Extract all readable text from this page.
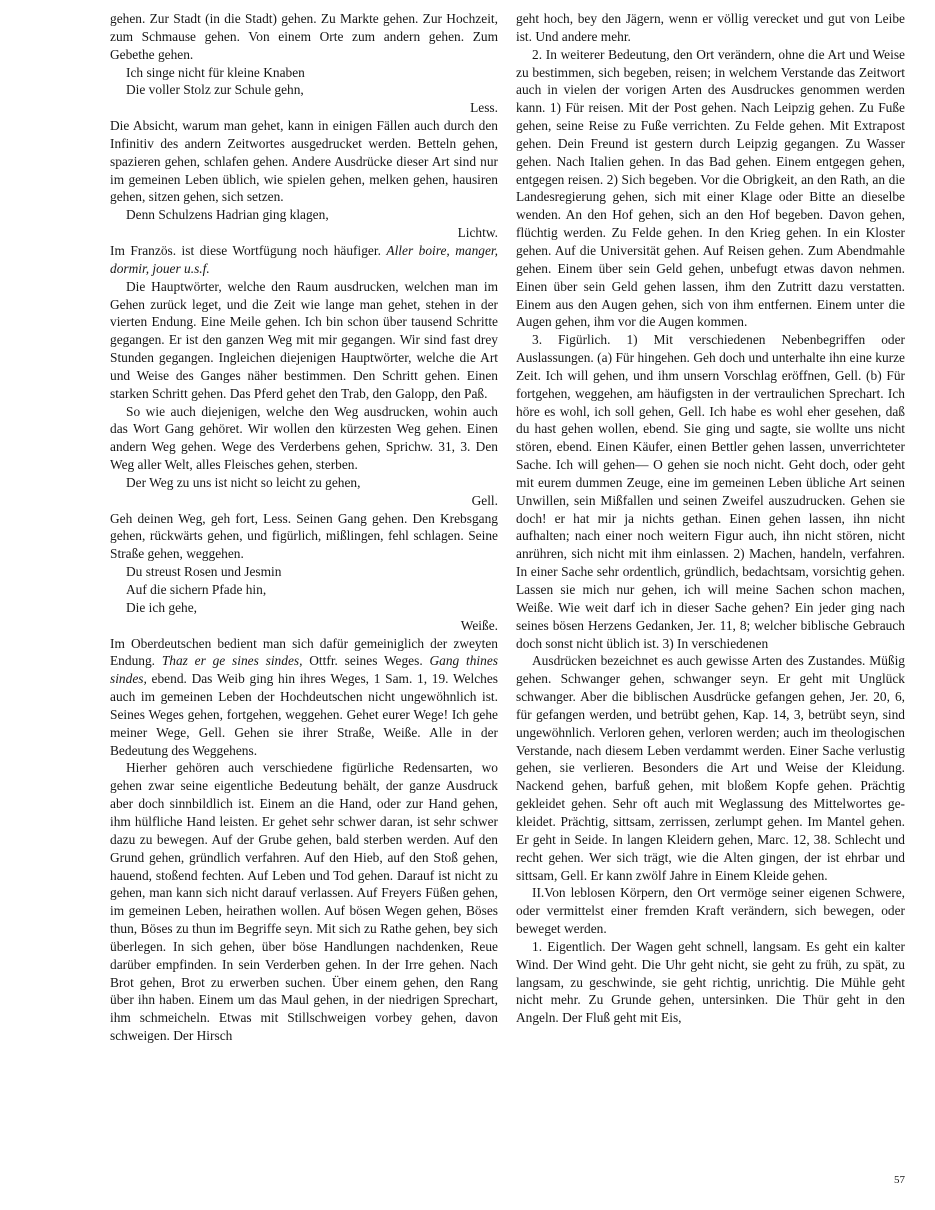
gehen. Zur Stadt (in die Stadt) gehen. Zu Markte gehen. Zur Hochzeit, zum Schmause gehen. Von einem Orte zum andern gehen. Zum Gebethe gehen.

Ich singe nicht für kleine Knaben

Die voller Stolz zur Schule gehn,

Less.

Die Absicht, warum man gehet, kann in einigen Fällen auch durch den Infinitiv des andern Zeitwortes ausgedrucket werden. Betteln gehen, spazieren gehen, schlafen gehen. Andere Ausdrücke dieser Art sind nur im gemeinen Leben üblich, wie spielen gehen, melken gehen, hausiren gehen, sitzen gehen, sich setzen.

Denn Schulzens Hadrian ging klagen,

Lichtw.

Im Französ. ist diese Wortfügung noch häufiger. Aller boire, manger, dormir, jouer u.s.f.

Die Hauptwörter, welche den Raum ausdrucken, welchen man im Gehen zurück leget, und die Zeit wie lange man gehet, stehen in der vierten Endung. Eine Meile gehen. Ich bin schon über tausend Schritte gegangen. Er ist den ganzen Weg mit mir gegangen. Wir sind fast drey Stunden gegangen. Ingleichen diejenigen Hauptwörter, welche die Art und Weise des Ganges näher bestimmen. Den Schritt gehen. Einen starken Schritt gehen. Das Pferd gehet den Trab, den Galopp, den Paß.

So wie auch diejenigen, welche den Weg ausdrucken, wohin auch das Wort Gang gehöret. Wir wollen den kürzesten Weg gehen. Einen andern Weg gehen. Wege des Verderbens gehen, Sprichw. 31, 3. Den Weg aller Welt, alles Fleisches gehen, sterben.

Der Weg zu uns ist nicht so leicht zu gehen,

Gell.

Geh deinen Weg, geh fort, Less. Seinen Gang gehen. Den Krebsgang gehen, rückwärts gehen, und figürlich, mißlingen, fehl schlagen. Seine Straße gehen, weggehen.

Du streust Rosen und Jesmin

Auf die sichern Pfade hin,

Die ich gehe,

Weiße.

Im Oberdeutschen bedient man sich dafür gemeiniglich der zweyten Endung. Thaz er ge sines sindes, Ottfr. seines Weges. Gang thines sindes, ebend. Das Weib ging hin ihres Weges, 1 Sam. 1, 19. Welches auch im gemeinen Leben der Hochdeutschen nicht ungewöhnlich ist. Seines Weges gehen, fortgehen, weggehen. Gehet eurer Wege! Ich gehe meiner Wege, Gell. Gehen sie ihrer Straße, Weiße. Alle in der Bedeutung des Weggehens.

Hierher gehören auch verschiedene figürliche Redensarten, wo gehen zwar seine eigentliche Bedeutung behält, der ganze Ausdruck aber doch sinnbildlich ist. Einem an die Hand, oder zur Hand gehen, ihm hülfliche Hand leisten. Er gehet sehr schwer daran, ist sehr schwer dazu zu bewegen. Auf der Grube gehen, bald sterben werden. Auf den Grund gehen, gründlich verfahren. Auf den Hieb, auf den Stoß gehen, hauend, stoßend fechten. Auf Leben und Tod gehen. Darauf ist nicht zu gehen, man kann sich nicht darauf verlassen. Auf Freyers Füßen gehen, im gemeinen Leben, heirathen wollen. Auf bösen Wegen gehen, Böses thun, Böses zu thun im Begriffe seyn. Mit sich zu Rathe gehen, bey sich überlegen. In sich gehen, über böse Handlungen nachdenken, Reue darüber empfinden. In sein Verderben gehen. In der Irre gehen. Nach Brot gehen, Brot zu erwerben suchen. Über einem gehen, den Rang über ihn haben. Einem um das Maul gehen, in der niedrigen Sprechart, ihm schmeicheln. Etwas mit Stillschweigen vorbey gehen, davon schweigen. Der Hirsch

geht hoch, bey den Jägern, wenn er völlig verecket und gut von Leibe ist. Und andere mehr.

2. In weiterer Bedeutung, den Ort verändern, ohne die Art und Weise zu bestimmen, sich begeben, reisen; in welchem Verstande das Zeitwort auch in vielen der vorigen Arten des Ausdruckes genommen werden kann. 1) Für reisen. Mit der Post gehen. Nach Leipzig gehen. Zu Fuße gehen, seine Reise zu Fuße verrichten. Zu Felde gehen. Mit Extrapost gehen. Dein Freund ist gestern durch Leipzig gegangen. Zu Wasser gehen. Nach Italien gehen. In das Bad gehen. Einem entgegen gehen, entgegen reisen. 2) Sich begeben. Vor die Obrigkeit, an den Rath, an die Landesregierung gehen, sich mit einer Klage oder Bitte an dieselbe wenden. An den Hof gehen, sich an den Hof begeben. Davon gehen, flüchtig werden. Zu Felde gehen. In den Krieg gehen. In ein Kloster gehen. Auf die Universität gehen. Auf Reisen gehen. Zum Abendmahle gehen. Einem über sein Geld gehen, unbefugt etwas davon nehmen. Einen über sein Geld gehen lassen, ihm den Zutritt dazu verstatten. Einem aus den Augen gehen, sich von ihm entfernen. Einem unter die Augen gehen, ihm vor die Augen kommen.

3. Figürlich. 1) Mit verschiedenen Nebenbegriffen oder Auslassungen. (a) Für hingehen. Geh doch und unterhalte ihn eine kurze Zeit. Ich will gehen, und ihm unsern Vorschlag eröffnen, Gell. (b) Für fortgehen, weggehen, am häufigsten in der vertraulichen Sprechart. Ich höre es wohl, ich soll gehen, Gell. Ich habe es wohl eher gesehen, daß du hast gehen wollen, ebend. Sie ging und sagte, sie wollte uns nicht stören, ebend. Einen Käufer, einen Bettler gehen lassen, unverrichteter Sache. Ich will gehen— O gehen sie noch nicht. Geht doch, oder geht mit eurem dummen Zeuge, eine im gemeinen Leben übliche Art seinen Unwillen, sein Mißfallen und seinen Zweifel auszudrucken. Gehen sie doch! er hat mir ja nichts gethan. Einen gehen lassen, ihn nicht aufhalten; nach einer noch weitern Figur auch, ihn nicht stören, nicht anrühren, sich nicht mit ihm einlassen. 2) Machen, handeln, verfahren. In einer Sache sehr ordentlich, gründlich, bedachtsam, vorsichtig gehen. Lassen sie mich nur gehen, ich will meine Sachen schon machen, Weiße. Wie weit darf ich in dieser Sache gehen? Ein jeder ging nach seines bösen Herzens Gedanken, Jer. 11, 8; welcher biblische Gebrauch doch sonst nicht üblich ist. 3) In verschiedenen

Ausdrücken bezeichnet es auch gewisse Arten des Zustandes. Müßig gehen. Schwanger gehen, schwanger seyn. Er geht mit Unglück schwanger. Aber die biblischen Ausdrücke gefangen gehen, Jer. 20, 6, für gefangen werden, und betrübt gehen, Kap. 14, 3, betrübt seyn, sind ungewöhnlich. Verloren gehen, verloren werden; auch im theologischen Verstande, nach diesem Leben verdammt werden. Einer Sache verlustig gehen, sie verlieren. Besonders die Art und Weise der Kleidung. Nackend gehen, barfuß gehen, mit bloßem Kopfe gehen. Prächtig gekleidet gehen. Sehr oft auch mit Weglassung des Mittelwortes gekleidet. Prächtig, sittsam, zerrissen, zerlumpt gehen. Im Mantel gehen. Er geht in Seide. In langen Kleidern gehen, Marc. 12, 38. Schlecht und recht gehen. Wer sich trägt, wie die Alten gingen, der ist ehrbar und sittsam, Gell. Er kann zwölf Jahre in Einem Kleide gehen.

II.Von leblosen Körpern, den Ort vermöge seiner eigenen Schwere, oder vermittelst einer fremden Kraft verändern, sich bewegen, oder beweget werden.

1. Eigentlich. Der Wagen geht schnell, langsam. Es geht ein kalter Wind. Der Wind geht. Die Uhr geht nicht, sie geht zu früh, zu spät, zu langsam, zu geschwinde, sie geht richtig, unrichtig. Die Mühle geht nicht mehr. Zu Grunde gehen, untersinken. Die Thür geht in den Angeln. Der Fluß geht mit Eis,

57
